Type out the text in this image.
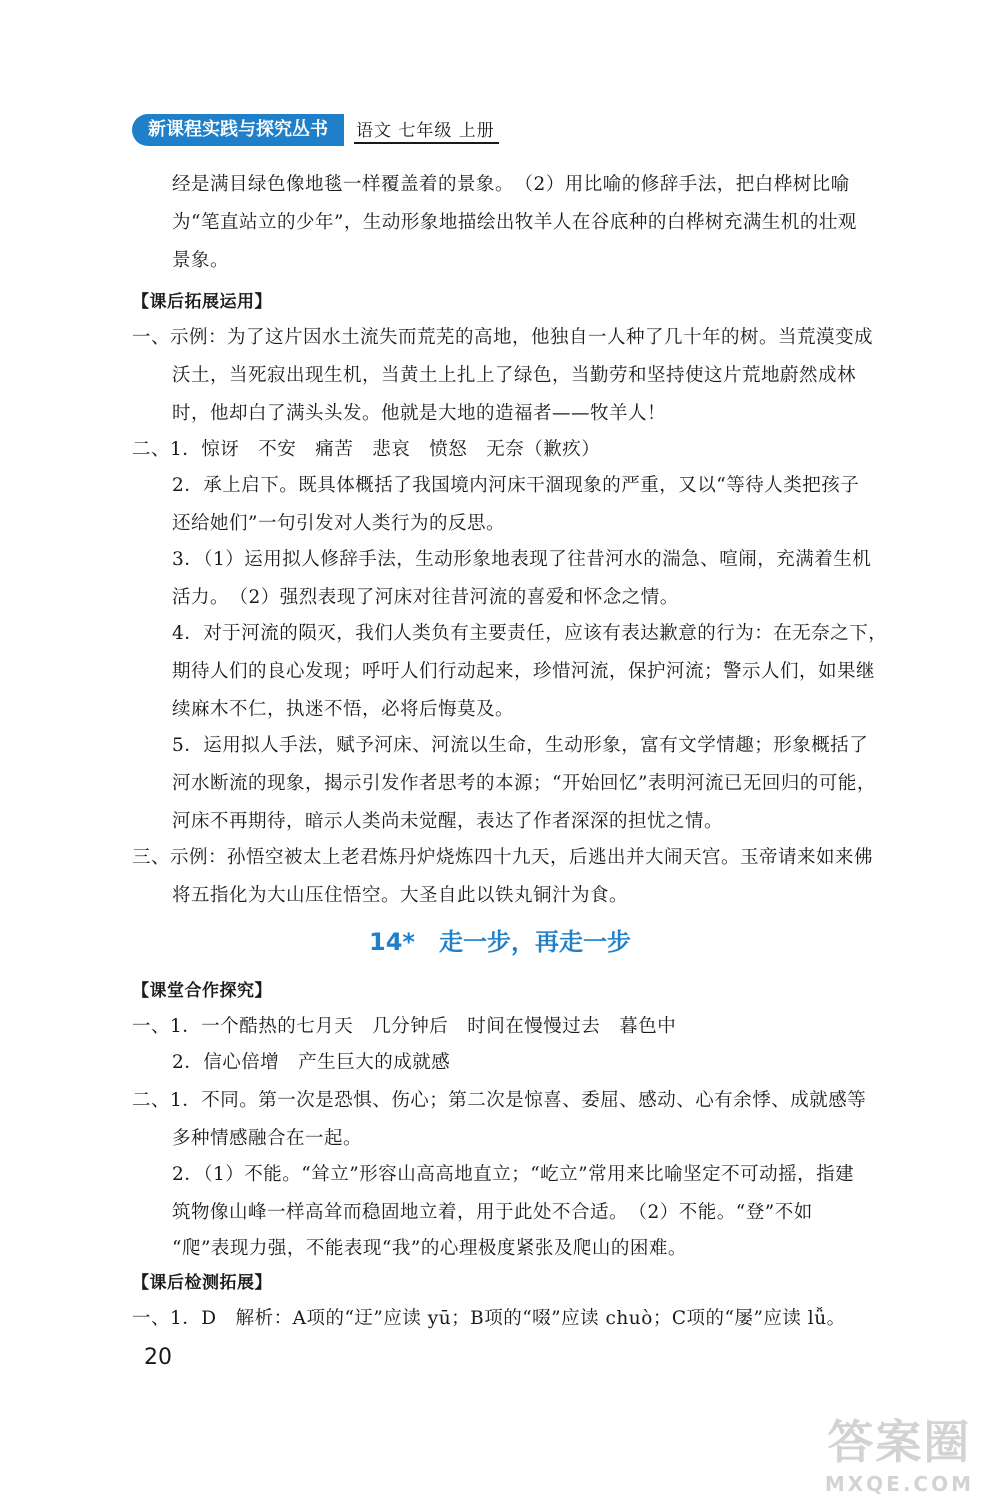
新课程实践与探究丛书	语文 七年级 上册
14*　走一步，再走一步
经是满目绿色像地毯一样覆盖着的景象。　（2）用比喻的修辞手法，把白桦树比喻
为“笔直站立的少年”，生动形象地描绘出牧羊人在谷底种的白桦树充满生机的壮观
景象。
【课后拓展运用】
一、示例：为了这片因水土流失而荒芜的高地，他独自一人种了几十年的树。当荒漠变成
沃土，当死寂出现生机，当黄土上扎上了绿色，当勤劳和坚持使这片荒地蔚然成林
时，他却白了满头头发。他就是大地的造福者——牧羊人！
二、1．惊讶　不安　痛苦　悲哀　愤怒　无奈（歉疚）
2．承上启下。既具体概括了我国境内河床干涸现象的严重，又以“等待人类把孩子
还给她们”一句引发对人类行为的反思。
3．（1）运用拟人修辞手法，生动形象地表现了往昔河水的湍急、喧闹，充满着生机
活力。　（2）强烈表现了河床对往昔河流的喜爱和怀念之情。
4．对于河流的陨灭，我们人类负有主要责任，应该有表达歉意的行为：在无奈之下，
期待人们的良心发现；呼吁人们行动起来，珍惜河流，保护河流；警示人们，如果继
续麻木不仁，执迷不悟，必将后悔莫及。
5．运用拟人手法，赋予河床、河流以生命，生动形象，富有文学情趣；形象概括了
河水断流的现象，揭示引发作者思考的本源；“开始回忆”表明河流已无回归的可能，
河床不再期待，暗示人类尚未觉醒，表达了作者深深的担忧之情。
三、示例：孙悟空被太上老君炼丹炉烧炼四十九天，后逃出并大闹天宫。玉帝请来如来佛
将五指化为大山压住悟空。大圣自此以铁丸铜汁为食。
【课堂合作探究】
一、1．一个酷热的七月天　几分钟后　时间在慢慢过去　暮色中
2．信心倍增　产生巨大的成就感
二、1．不同。第一次是恐惧、伤心；第二次是惊喜、委屈、感动、心有余悸、成就感等
多种情感融合在一起。
2．（1）不能。“耸立”形容山高高地直立；“屹立”常用来比喻坚定不可动摇，指建
筑物像山峰一样高耸而稳固地立着，用于此处不合适。　（2）不能。“登”不如
“爬”表现力强，不能表现“我”的心理极度紧张及爬山的困难。
【课后检测拓展】
一、1．D　解析：A项的“迂”应读 yū；B项的“啜”应读 chuò；C项的“屡”应读 lǚ。
20
答案圈
MXQE.COM
